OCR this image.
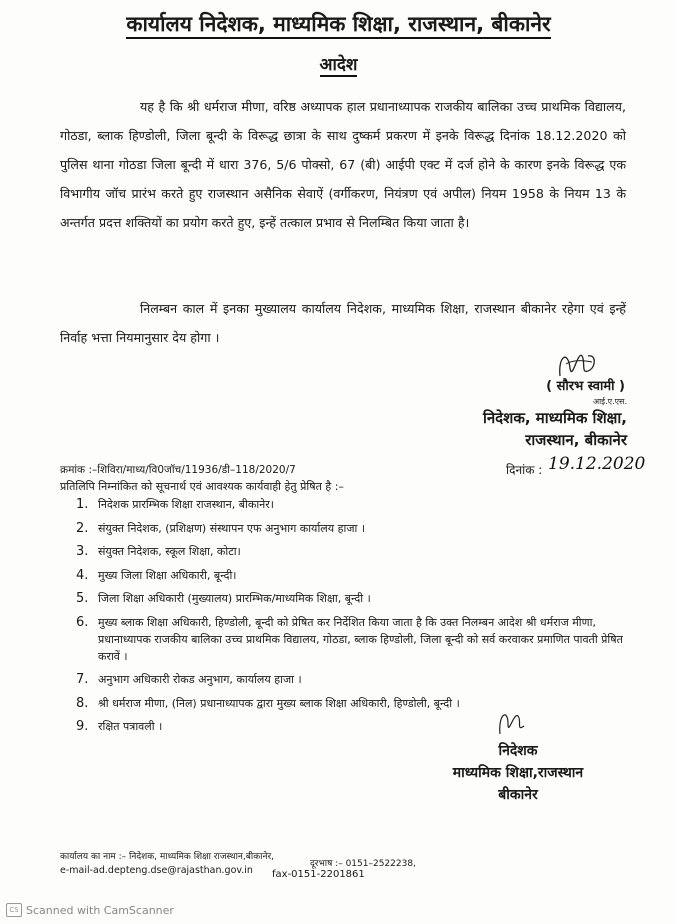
कार्यालय निदेशक, माध्यमिक शिक्षा, राजस्थान, बीकानेर
आदेश
यह है कि श्री धर्मराज मीणा, वरिष्ठ अध्यापक हाल प्रधानाध्यापक राजकीय बालिका उच्च प्राथमिक विद्यालय, गोठडा, ब्लाक हिण्डोली, जिला बून्दी के विरूद्ध छात्रा के साथ दुष्कर्म प्रकरण में इनके विरूद्ध दिनांक 18.12.2020 को पुलिस थाना गोठडा जिला बून्दी में धारा 376, 5/6 पोक्सो, 67 (बी) आईपी एक्ट में दर्ज होने के कारण इनके विरूद्ध एक विभागीय जॉच प्रारंभ करते हुए राजस्थान असैनिक सेवाऐं (वर्गीकरण, नियंत्रण एवं अपील) नियम 1958 के नियम 13 के अन्तर्गत प्रदत्त शक्तियों का प्रयोग करते हुए, इन्हें तत्काल प्रभाव से निलम्बित किया जाता है।
निलम्बन काल में इनका मुख्यालय कार्यालय निदेशक, माध्यमिक शिक्षा, राजस्थान बीकानेर रहेगा एवं इन्हें निर्वाह भत्ता नियमानुसार देय होगा ।
( सौरभ स्वामी )
आई.ए.एस.
निदेशक, माध्यमिक शिक्षा,
राजस्थान, बीकानेर
क्रमांक :–शिविरा/माध्य/वि0जॉच/11936/डी–118/2020/7	दिनांक : 19.12.2020
प्रतिलिपि निम्नांकित को सूचनार्थ एवं आवश्यक कार्यवाही हेतु प्रेषित है :–
1. निदेशक प्रारम्भिक शिक्षा राजस्थान, बीकानेर।
2. संयुक्त निदेशक, (प्रशिक्षण) संस्थापन एफ अनुभाग कार्यालय हाजा ।
3. संयुक्त निदेशक, स्कूल शिक्षा, कोटा।
4. मुख्य जिला शिक्षा अधिकारी, बून्दी।
5. जिला शिक्षा अधिकारी (मुख्यालय) प्रारम्भिक/माध्यमिक शिक्षा, बून्दी ।
6. मुख्य ब्लाक शिक्षा अधिकारी, हिण्डोली, बून्दी को प्रेषित कर निर्देशित किया जाता है कि उक्त निलम्बन आदेश श्री धर्मराज मीणा, प्रधानाध्यापक राजकीय बालिका उच्च प्राथमिक विद्यालय, गोठडा, ब्लाक हिण्डोली, जिला बून्दी को सर्व करवाकर प्रमाणित पावती प्रेषित करावें ।
7. अनुभाग अधिकारी रोकड अनुभाग, कार्यालय हाजा ।
8. श्री धर्मराज मीणा, (निल) प्रधानाध्यापक द्वारा मुख्य ब्लाक शिक्षा अधिकारी, हिण्डोली, बून्दी ।
9. रक्षित पत्रावली ।
निदेशक
माध्यमिक शिक्षा,राजस्थान
बीकानेर
कार्यालय का नाम :– निदेशक, माध्यमिक शिक्षा राजस्थान,बीकानेर,
दूरभाष :– 0151–2522238,
e-mail-ad.depteng.dse@rajasthan.gov.in	fax-0151-2201861
CS Scanned with CamScanner
